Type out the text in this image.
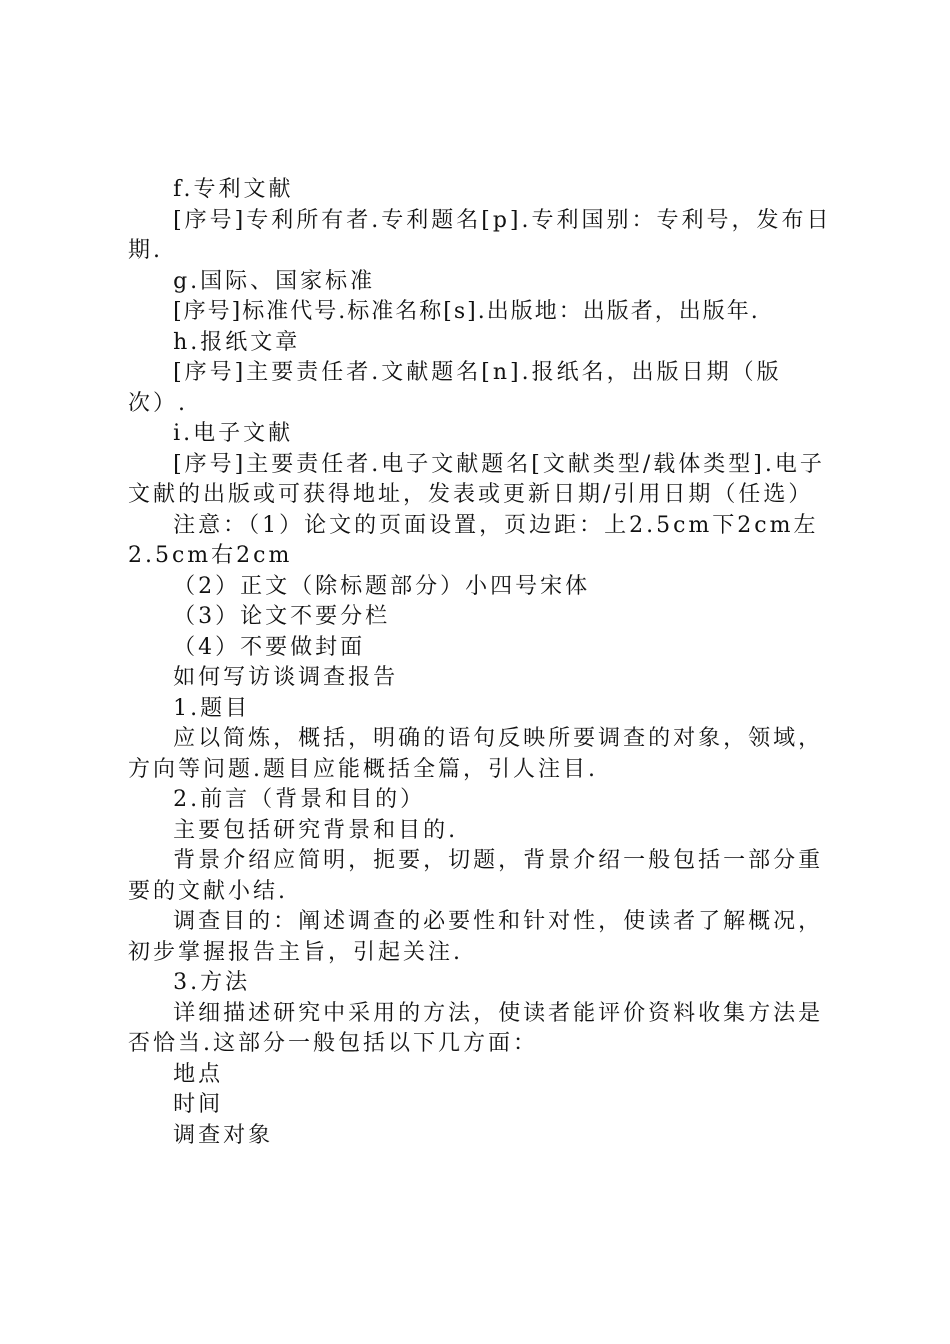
f.专利文献

[序号]专利所有者.专利题名[p].专利国别：专利号，发布日期.

g.国际、国家标准

[序号]标准代号.标准名称[s].出版地：出版者，出版年.

h.报纸文章

[序号]主要责任者.文献题名[n].报纸名，出版日期（版次）.

i.电子文献

[序号]主要责任者.电子文献题名[文献类型/载体类型].电子文献的出版或可获得地址，发表或更新日期/引用日期（任选）

注意：（1）论文的页面设置，页边距：上2.5cm下2cm左2.5cm右2cm

（2）正文（除标题部分）小四号宋体

（3）论文不要分栏

（4）不要做封面

如何写访谈调查报告

1.题目

应以简炼，概括，明确的语句反映所要调查的对象，领域，方向等问题.题目应能概括全篇，引人注目.

2.前言（背景和目的）

主要包括研究背景和目的.

背景介绍应简明，扼要，切题，背景介绍一般包括一部分重要的文献小结.

调查目的：阐述调查的必要性和针对性，使读者了解概况，初步掌握报告主旨，引起关注.

3.方法

详细描述研究中采用的方法，使读者能评价资料收集方法是否恰当.这部分一般包括以下几方面：

地点

时间

调查对象
